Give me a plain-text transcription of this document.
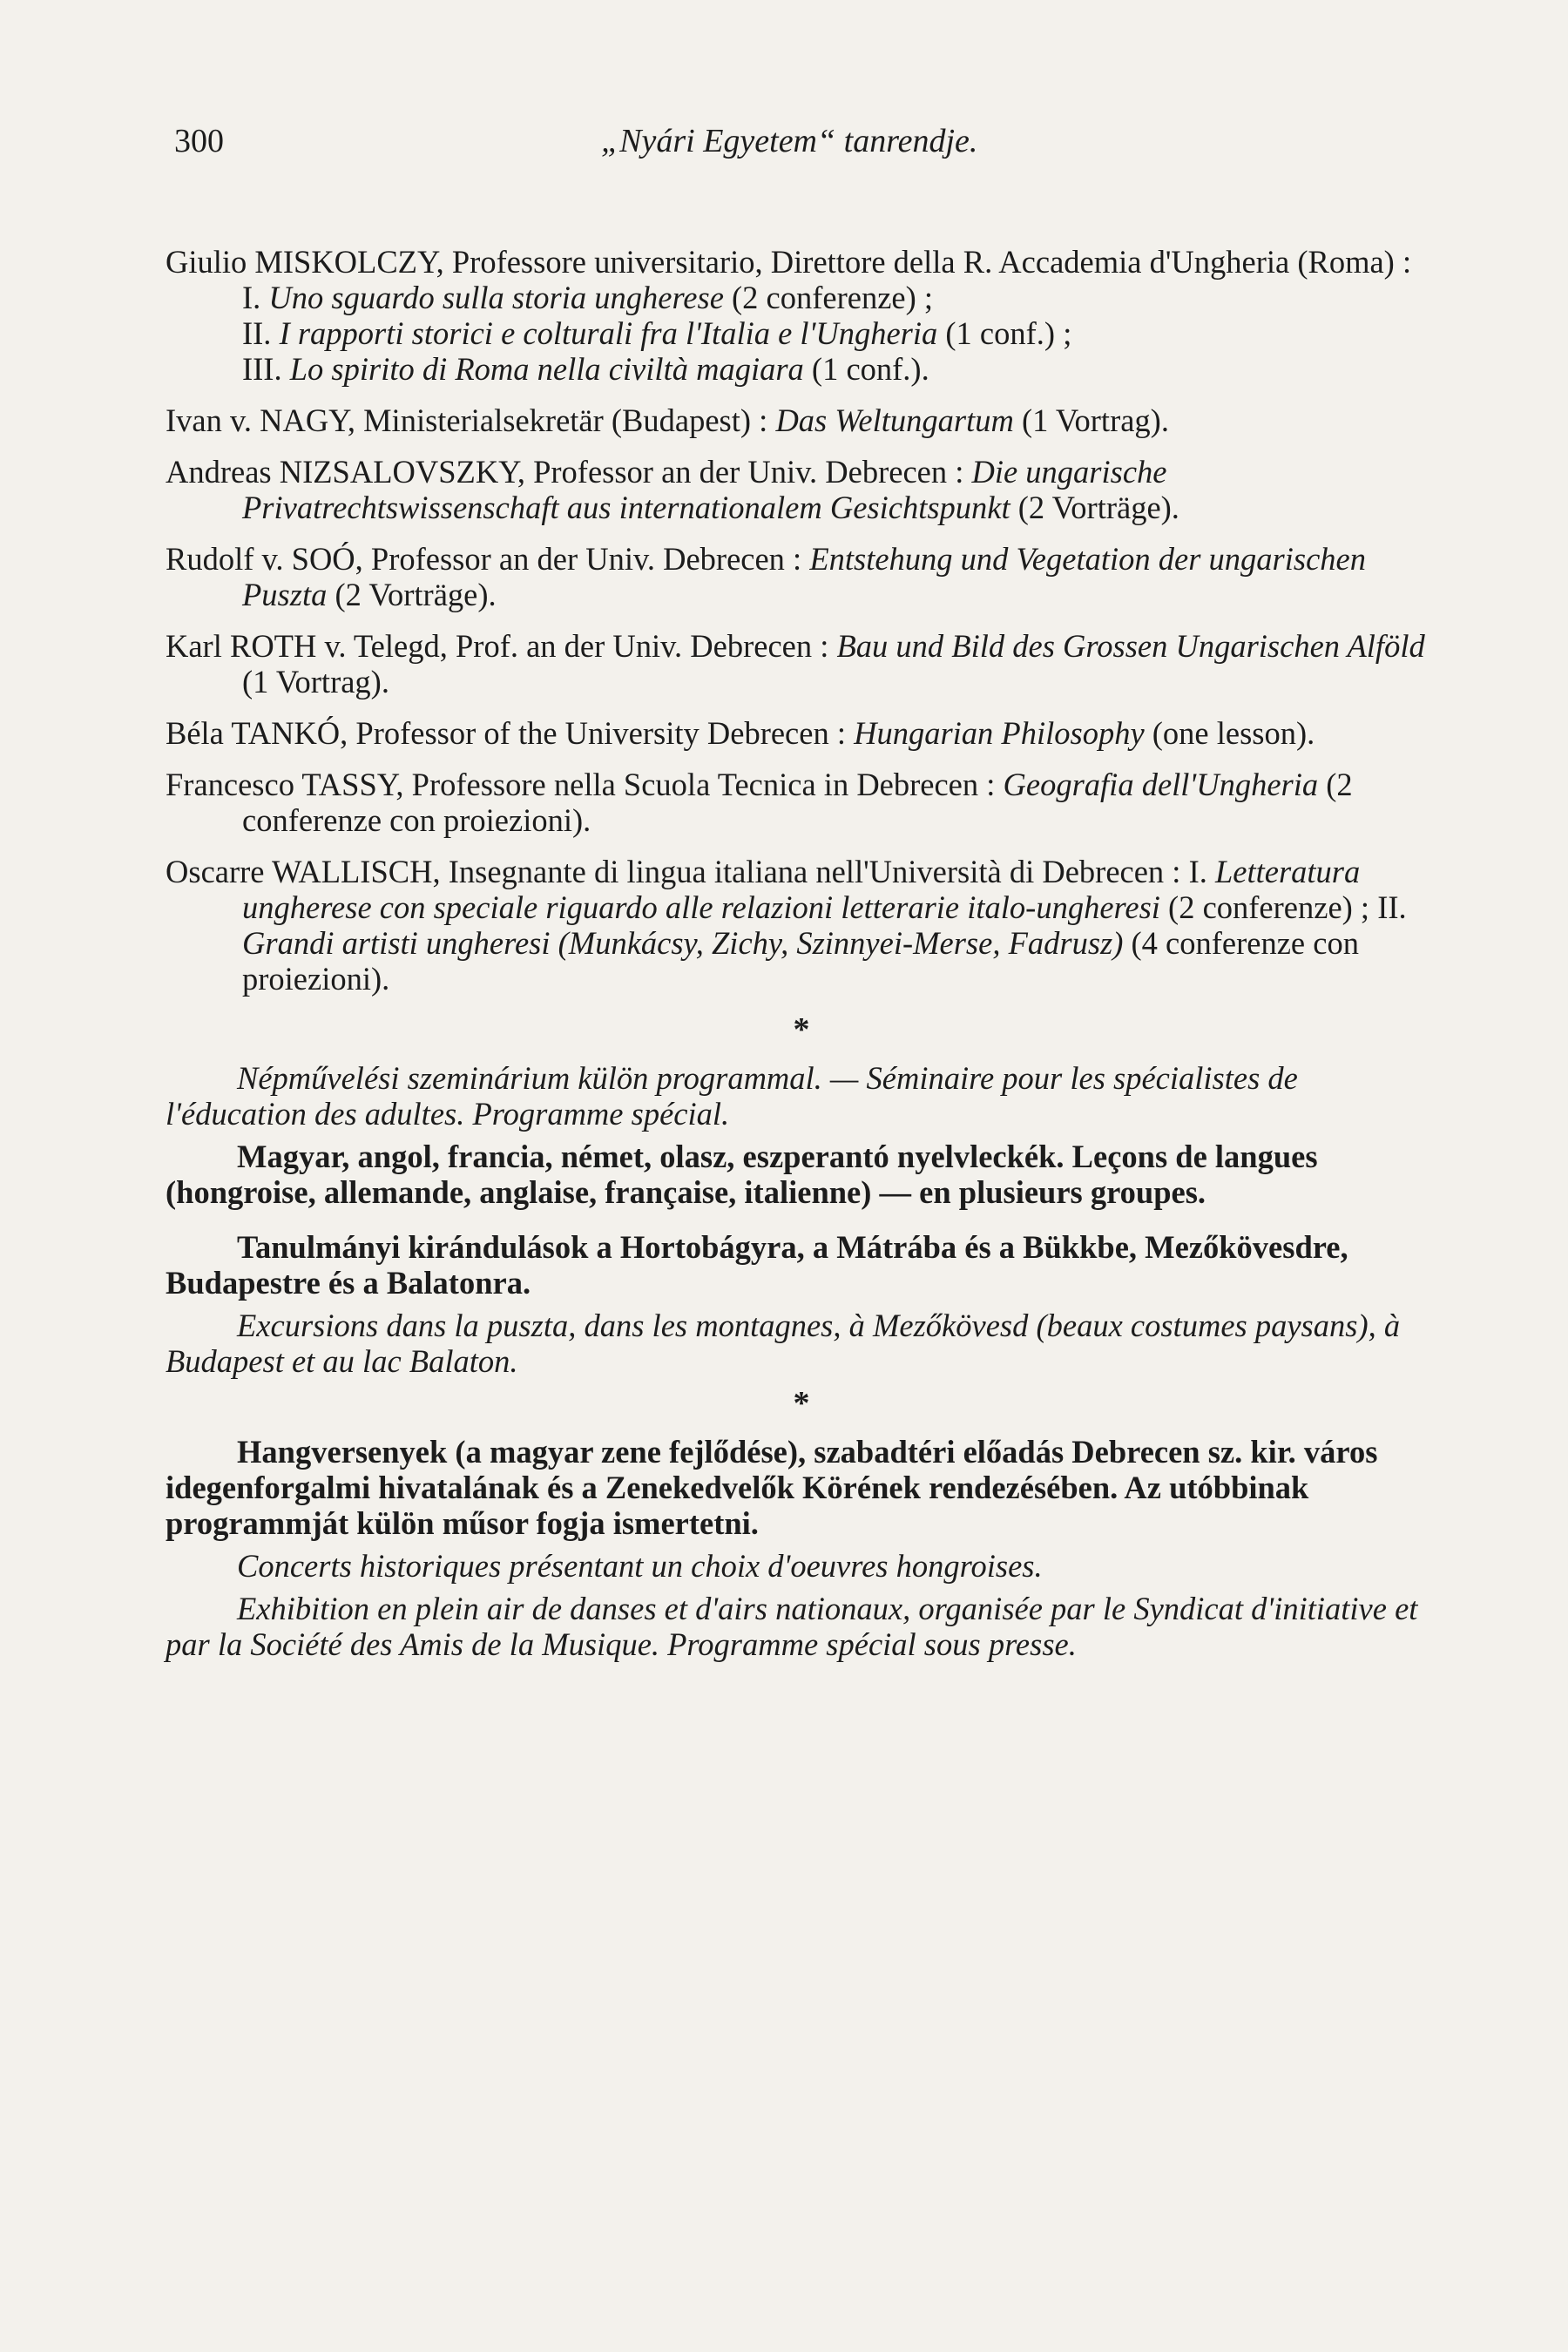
300	„Nyári Egyetem“ tanrendje.
Giulio MISKOLCZY, Professore universitario, Direttore della R. Accademia d'Ungheria (Roma) :
I. Uno sguardo sulla storia ungherese (2 conferenze) ;
II. I rapporti storici e colturali fra l'Italia e l'Ungheria (1 conf.) ;
III. Lo spirito di Roma nella civiltà magiara (1 conf.).
Ivan v. NAGY, Ministerialsekretär (Budapest) : Das Weltungartum (1 Vortrag).
Andreas NIZSALOVSZKY, Professor an der Univ. Debrecen : Die ungarische Privatrechtswissenschaft aus internationalem Gesichtspunkt (2 Vorträge).
Rudolf v. SOÓ, Professor an der Univ. Debrecen : Entstehung und Vegetation der ungarischen Puszta (2 Vorträge).
Karl ROTH v. Telegd, Prof. an der Univ. Debrecen : Bau und Bild des Grossen Ungarischen Alföld (1 Vortrag).
Béla TANKÓ, Professor of the University Debrecen : Hungarian Philosophy (one lesson).
Francesco TASSY, Professore nella Scuola Tecnica in Debrecen : Geografia dell'Ungheria (2 conferenze con proiezioni).
Oscarre WALLISCH, Insegnante di lingua italiana nell'Università di Debrecen : I. Letteratura ungherese con speciale riguardo alle relazioni letterarie italo-ungheresi (2 conferenze) ; II. Grandi artisti ungheresi (Munkácsy, Zichy, Szinnyei-Merse, Fadrusz) (4 conferenze con proiezioni).
*

Népművelési szeminárium külön programmal. — Séminaire pour les spécialistes de l'éducation des adultes. Programme spécial.

Magyar, angol, francia, német, olasz, eszperantó nyelvleckék. Leçons de langues (hongroise, allemande, anglaise, française, italienne) — en plusieurs groupes.

Tanulmányi kirándulások a Hortobágyra, a Mátrába és a Bükkbe, Mezőkövesdre, Budapestre és a Balatonra.

Excursions dans la puszta, dans les montagnes, à Mezőkövesd (beaux costumes paysans), à Budapest et au lac Balaton.

*

Hangversenyek (a magyar zene fejlődése), szabadtéri előadás Debrecen sz. kir. város idegenforgalmi hivatalának és a Zenekedvelők Körének rendezésében. Az utóbbinak programmját külön műsor fogja ismertetni.

Concerts historiques présentant un choix d'oeuvres hongroises.

Exhibition en plein air de danses et d'airs nationaux, organisée par le Syndicat d'initiative et par la Société des Amis de la Musique. Programme spécial sous presse.
